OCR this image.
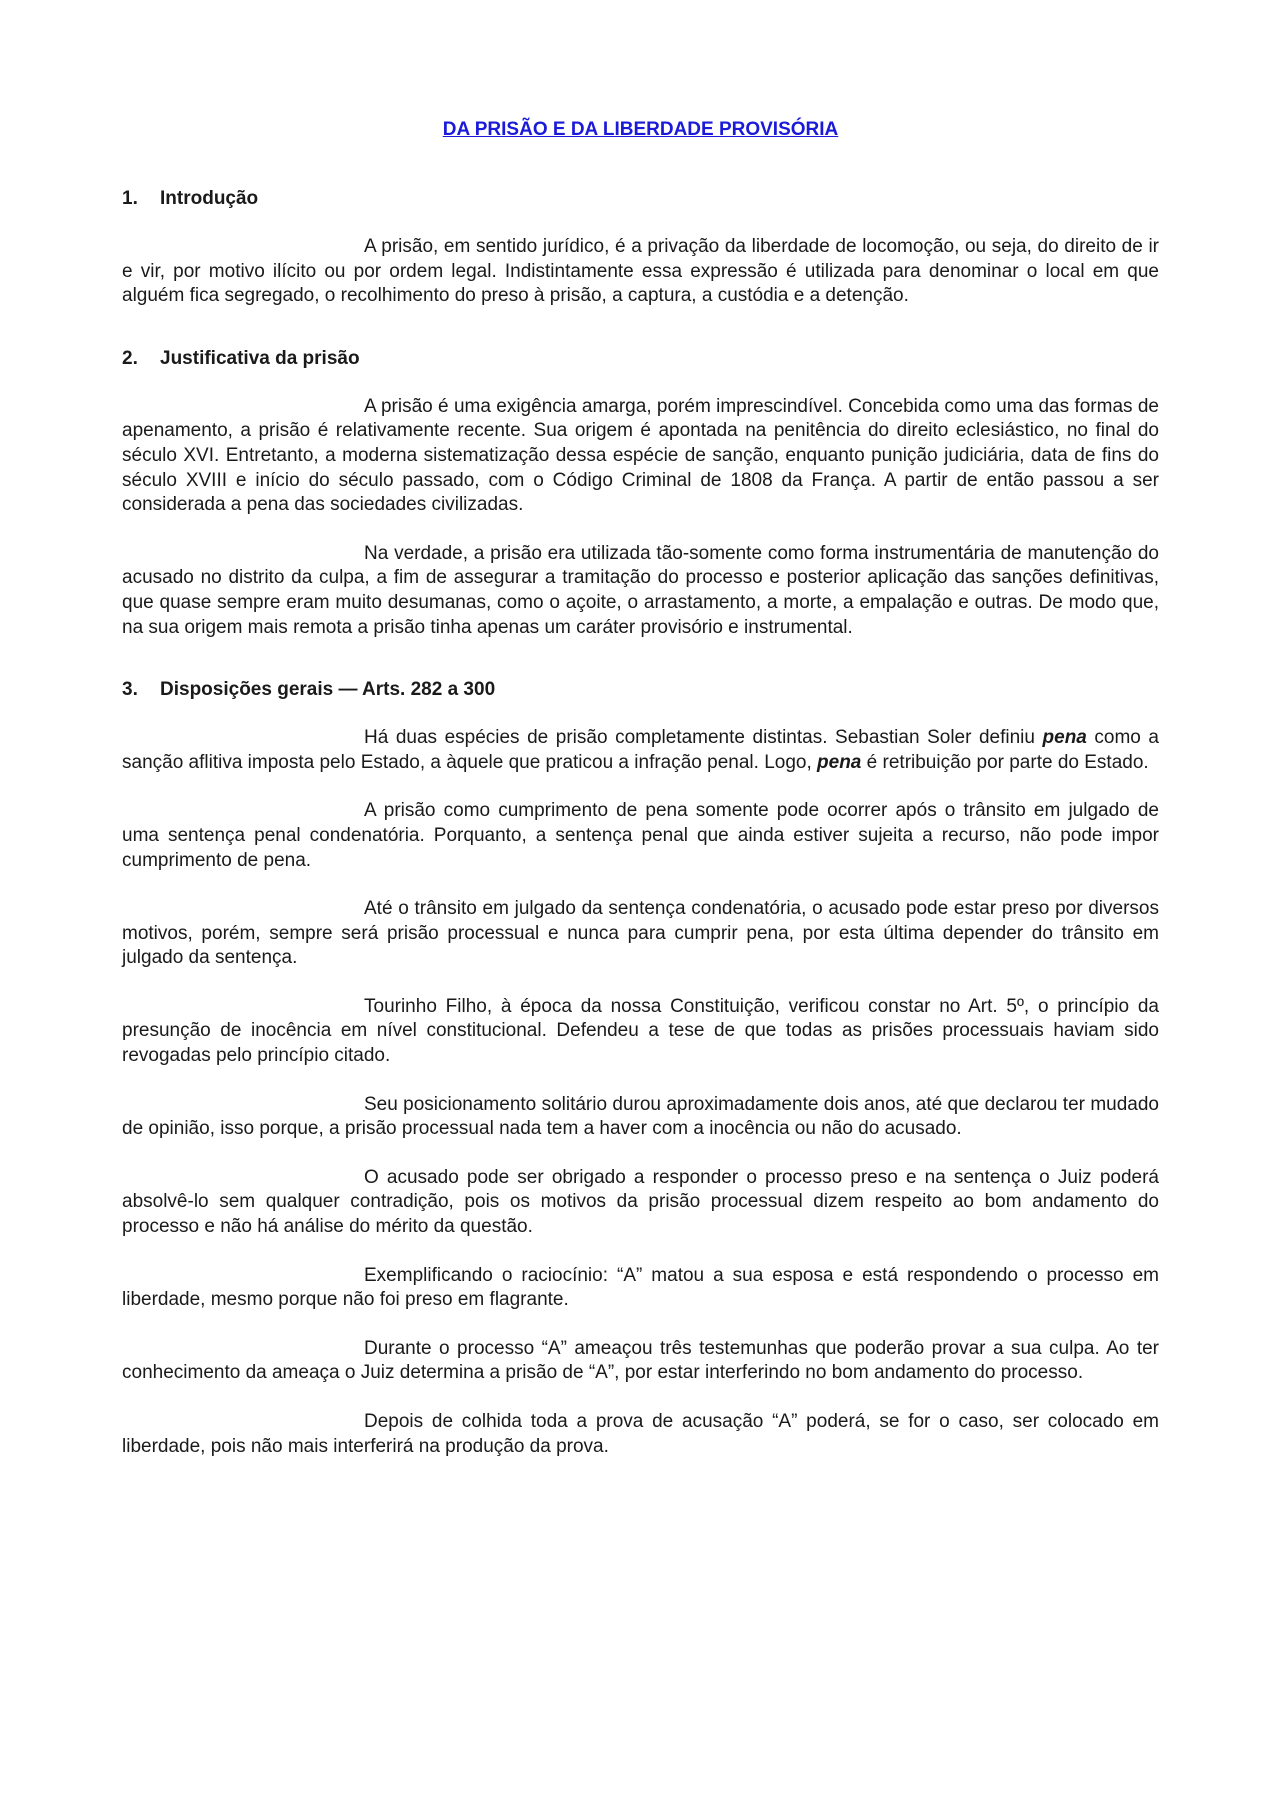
DA PRISÃO E DA LIBERDADE PROVISÓRIA
1. Introdução

A prisão, em sentido jurídico, é a privação da liberdade de locomoção, ou seja, do direito de ir e vir, por motivo ilícito ou por ordem legal. Indistintamente essa expressão é utilizada para denominar o local em que alguém fica segregado, o recolhimento do preso à prisão, a captura, a custódia e a detenção.

2. Justificativa da prisão

A prisão é uma exigência amarga, porém imprescindível. Concebida como uma das formas de apenamento, a prisão é relativamente recente. Sua origem é apontada na penitência do direito eclesiástico, no final do século XVI. Entretanto, a moderna sistematização dessa espécie de sanção, enquanto punição judiciária, data de fins do século XVIII e início do século passado, com o Código Criminal de 1808 da França. A partir de então passou a ser considerada a pena das sociedades civilizadas.

Na verdade, a prisão era utilizada tão-somente como forma instrumentária de manutenção do acusado no distrito da culpa, a fim de assegurar a tramitação do processo e posterior aplicação das sanções definitivas, que quase sempre eram muito desumanas, como o açoite, o arrastamento, a morte, a empalação e outras. De modo que, na sua origem mais remota a prisão tinha apenas um caráter provisório e instrumental.

3. Disposições gerais — Arts. 282 a 300

Há duas espécies de prisão completamente distintas. Sebastian Soler definiu pena como a sanção aflitiva imposta pelo Estado, a àquele que praticou a infração penal. Logo, pena é retribuição por parte do Estado.

A prisão como cumprimento de pena somente pode ocorrer após o trânsito em julgado de uma sentença penal condenatória. Porquanto, a sentença penal que ainda estiver sujeita a recurso, não pode impor cumprimento de pena.

Até o trânsito em julgado da sentença condenatória, o acusado pode estar preso por diversos motivos, porém, sempre será prisão processual e nunca para cumprir pena, por esta última depender do trânsito em julgado da sentença.

Tourinho Filho, à época da nossa Constituição, verificou constar no Art. 5º, o princípio da presunção de inocência em nível constitucional. Defendeu a tese de que todas as prisões processuais haviam sido revogadas pelo princípio citado.

Seu posicionamento solitário durou aproximadamente dois anos, até que declarou ter mudado de opinião, isso porque, a prisão processual nada tem a haver com a inocência ou não do acusado.

O acusado pode ser obrigado a responder o processo preso e na sentença o Juiz poderá absolvê-lo sem qualquer contradição, pois os motivos da prisão processual dizem respeito ao bom andamento do processo e não há análise do mérito da questão.

Exemplificando o raciocínio: “A” matou a sua esposa e está respondendo o processo em liberdade, mesmo porque não foi preso em flagrante.

Durante o processo “A” ameaçou três testemunhas que poderão provar a sua culpa. Ao ter conhecimento da ameaça o Juiz determina a prisão de “A”, por estar interferindo no bom andamento do processo.

Depois de colhida toda a prova de acusação “A” poderá, se for o caso, ser colocado em liberdade, pois não mais interferirá na produção da prova.
